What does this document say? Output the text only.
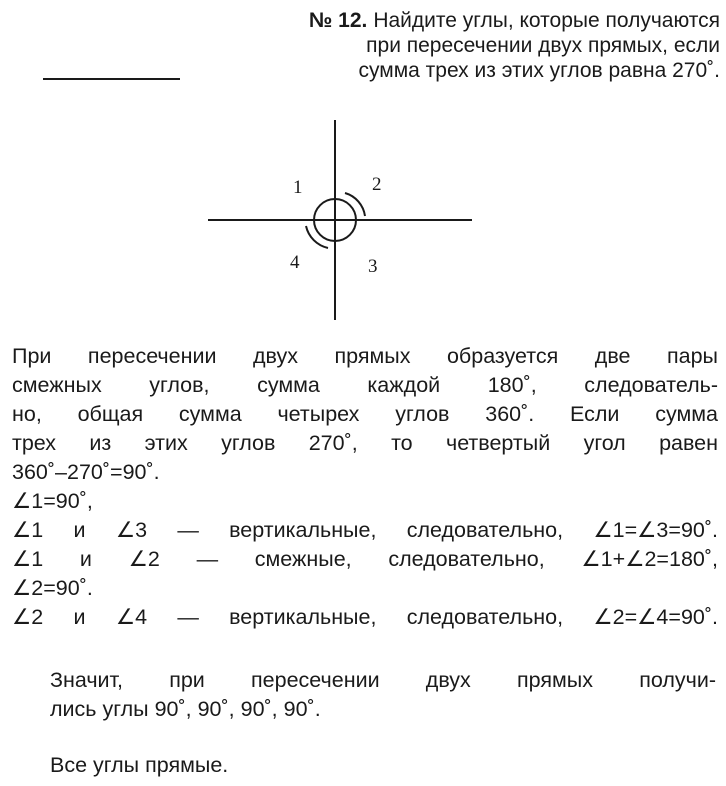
№ 12. Найдите углы, которые получаются
при пересечении двух прямых, если
сумма трех из этих углов равна 270˚.
1	2
3
4

При пересечении двух прямых образуется две пары

смежных углов, сумма каждой 180˚, следователь-

но, общая сумма четырех углов 360˚. Если сумма

трех из этих углов 270˚, то четвертый угол равен

360˚–270˚=90˚.

∠1=90˚,

∠1 и ∠3 — вертикальные, следовательно, ∠1=∠3=90˚.

∠1 и ∠2 — смежные, следовательно, ∠1+∠2=180˚,

∠2=90˚.

∠2 и ∠4 — вертикальные, следовательно, ∠2=∠4=90˚.

Значит, при пересечении двух прямых получи-

лись углы 90˚, 90˚, 90˚, 90˚.

Все углы прямые.
